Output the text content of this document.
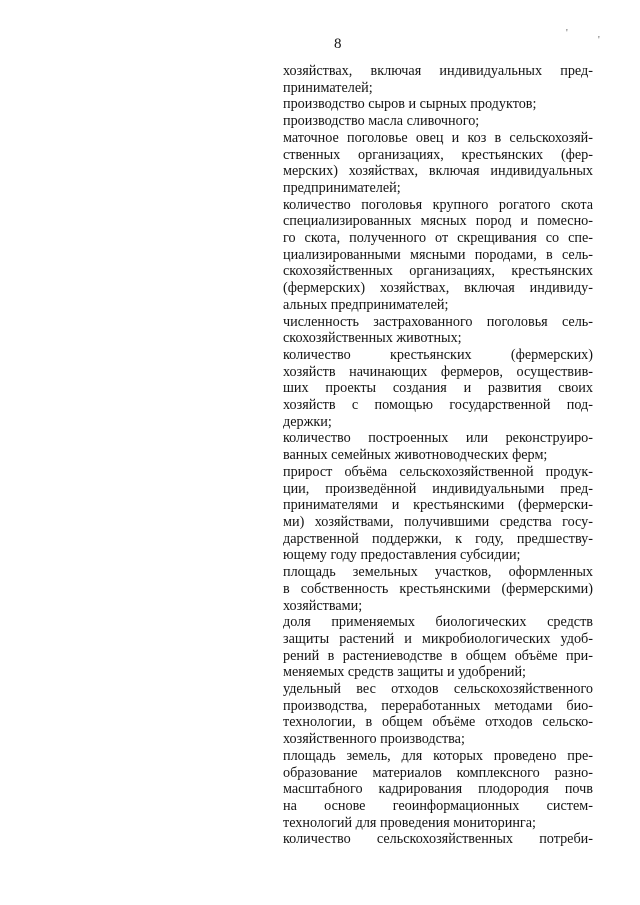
8
'
'
хозяйствах, включая индивидуальных пред-
принимателей;
производство сыров и сырных продуктов;
производство масла сливочного;
маточное поголовье овец и коз в сельскохозяй-
ственных организациях, крестьянских (фер-
мерских) хозяйствах, включая индивидуальных
предпринимателей;
количество поголовья крупного рогатого скота
специализированных мясных пород и помесно-
го скота, полученного от скрещивания со спе-
циализированными мясными породами, в сель-
скохозяйственных организациях, крестьянских
(фермерских) хозяйствах, включая индивиду-
альных предпринимателей;
численность застрахованного поголовья сель-
скохозяйственных животных;
количество крестьянских (фермерских)
хозяйств начинающих фермеров, осуществив-
ших проекты создания и развития своих
хозяйств с помощью государственной под-
держки;
количество построенных или реконструиро-
ванных семейных животноводческих ферм;
прирост объёма сельскохозяйственной продук-
ции, произведённой индивидуальными пред-
принимателями и крестьянскими (фермерски-
ми) хозяйствами, получившими средства госу-
дарственной поддержки, к году, предшеству-
ющему году предоставления субсидии;
площадь земельных участков, оформленных
в собственность крестьянскими (фермерскими)
хозяйствами;
доля применяемых биологических средств
защиты растений и микробиологических удоб-
рений в растениеводстве в общем объёме при-
меняемых средств защиты и удобрений;
удельный вес отходов сельскохозяйственного
производства, переработанных методами био-
технологии, в общем объёме отходов сельско-
хозяйственного производства;
площадь земель, для которых проведено пре-
образование материалов комплексного разно-
масштабного кадрирования плодородия почв
на основе геоинформационных систем-
технологий для проведения мониторинга;
количество сельскохозяйственных потреби-
